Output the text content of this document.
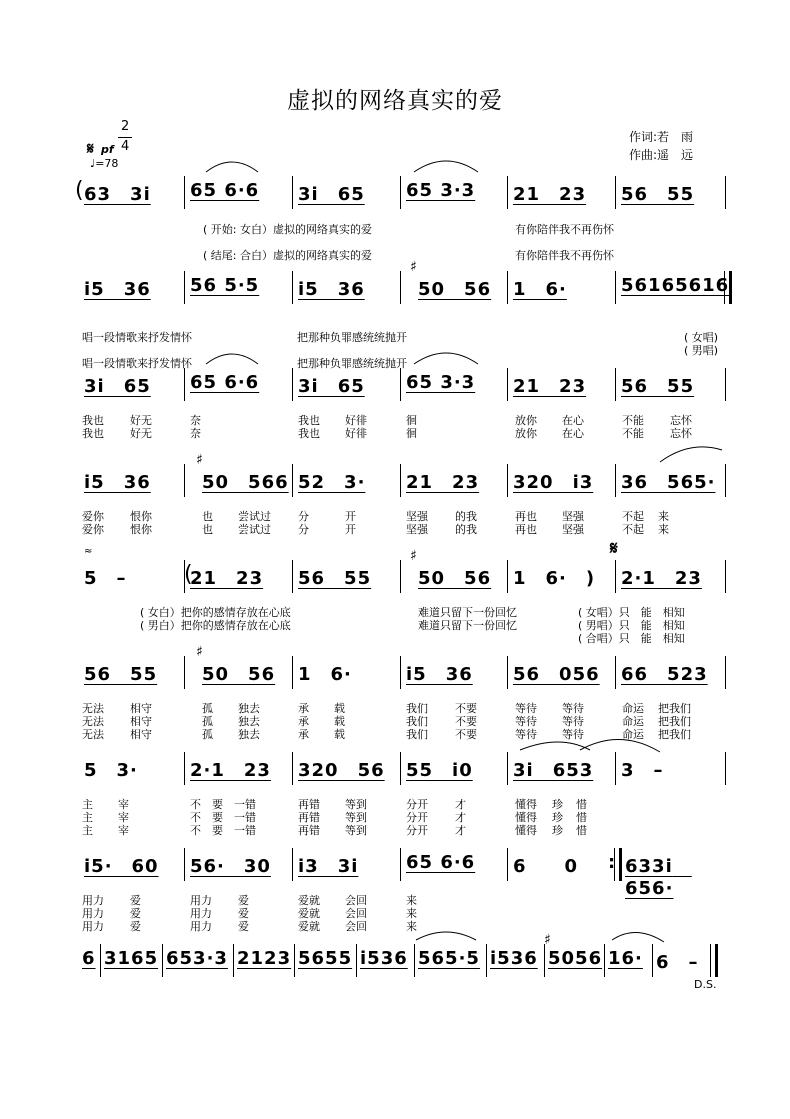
虚拟的网络真实的爱
作词:若　雨
作曲:遥　远
2
4
𝄋 pf
♩=78
( 63　3i 65 6·6 3i　65 65 3·3 21　23 56　55
( 开始: 女白）虚拟的网络真实的爱	有你陪伴我不再伤怀
( 结尾: 合白）虚拟的网络真实的爱	有你陪伴我不再伤怀
i5　36 56 5·5 i5　36
♯
50　56 1　6·	56165616
唱一段情歌来抒发情怀	把那种负罪感统统抛开	( 女唱)
唱一段情歌来抒发情怀	把那种负罪感统统抛开
( 男唱)
3i　65 65 6·6 3i　65 65 3·3 21　23 56　55
我也 好无	奈	我也 好徘	徊	放你 在心	不能 忘怀
我也 好无	奈	我也 好徘	徊	放你 在心	不能 忘怀
i5　36
♯
50　566 52　3· 21　23 320　i3 36　565·
爱你 恨你	也 尝试过 分	开	坚强 的我	再也 坚强	不起 来
爱你 恨你	也 尝试过 分	开	坚强 的我	再也 坚强	不起 来
≈
5　–	(
21　23 56　55
♯
50　56 1　6·　)
𝄋
2·1　23
( 女白）把你的感情存放在心底	难道只留下一份回忆	( 女唱）只　能　相知
( 男白）把你的感情存放在心底	难道只留下一份回忆	( 男唱）只　能　相知
( 合唱）只　能　相知
56　55
♯
50　56 1　6·	i5　36 56　056 66　523
无法 相守	孤 独去	承 载	我们 不要	等待 等待	命运 把我们
无法 相守	孤 独去	承 载	我们 不要	等待 等待	命运 把我们
无法 相守	孤 独去	承 载	我们 不要	等待 等待	命运 把我们
5　3·	2·1　23 320　56 55　i0 3i　653 3　–
主 宰	不　要　一错	再错 等到	分开 才	懂得 珍 惜
主 宰	不　要　一错	再错 等到	分开 才	懂得 珍 惜
主 宰	不　要　一错	再错 等到	分开 才	懂得 珍 惜
i5·　60 56·　30 i3　3i	65 6·6 6　　0 : 633i　656·
用力 爱	用力 爱	爱就 会回	来
用力 爱	用力 爱	爱就 会回	来
用力 爱	用力 爱	爱就 会回	来
6 3165 653·3 2123 5655 i536 565·5 i536
♯
5056 16· 6　–
D.S.
